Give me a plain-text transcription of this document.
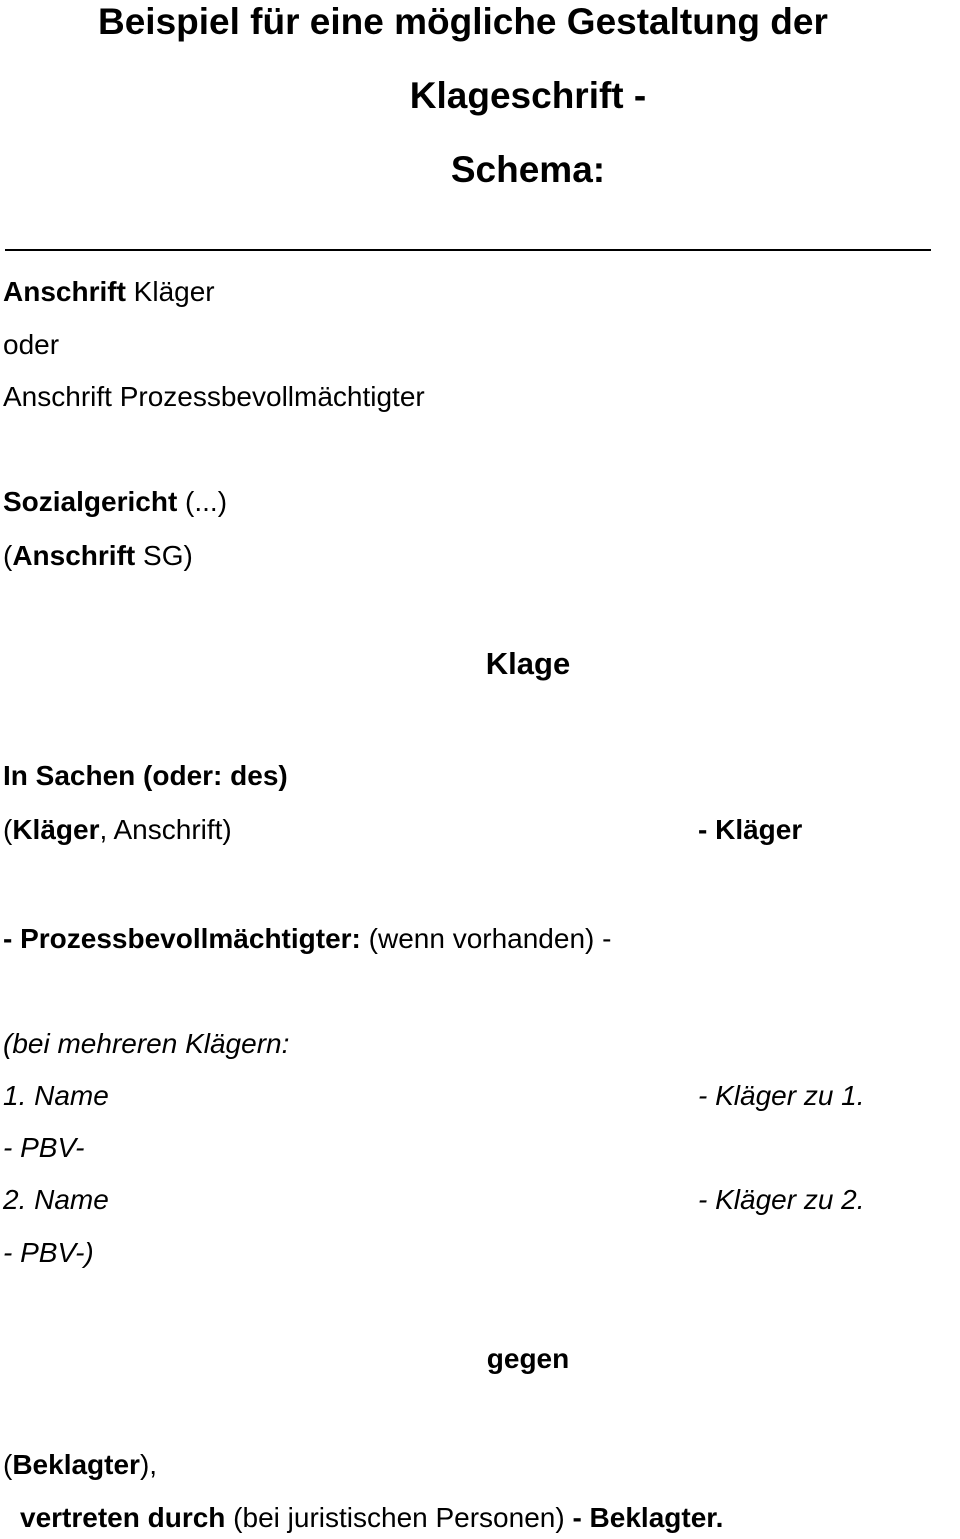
Beispiel für eine mögliche Gestaltung der
Klageschrift -
Schema:
Anschrift Kläger
oder
Anschrift Prozessbevollmächtigter
Sozialgericht (...)
(Anschrift SG)
Klage
In Sachen (oder: des)
(Kläger, Anschrift)	- Kläger
- Prozessbevollmächtigter: (wenn vorhanden) -
(bei mehreren Klägern:
1. Name	- Kläger zu 1.
- PBV-
2. Name	- Kläger zu 2.
- PBV-)
gegen
(Beklagter),
vertreten durch (bei juristischen Personen) - Beklagter.
